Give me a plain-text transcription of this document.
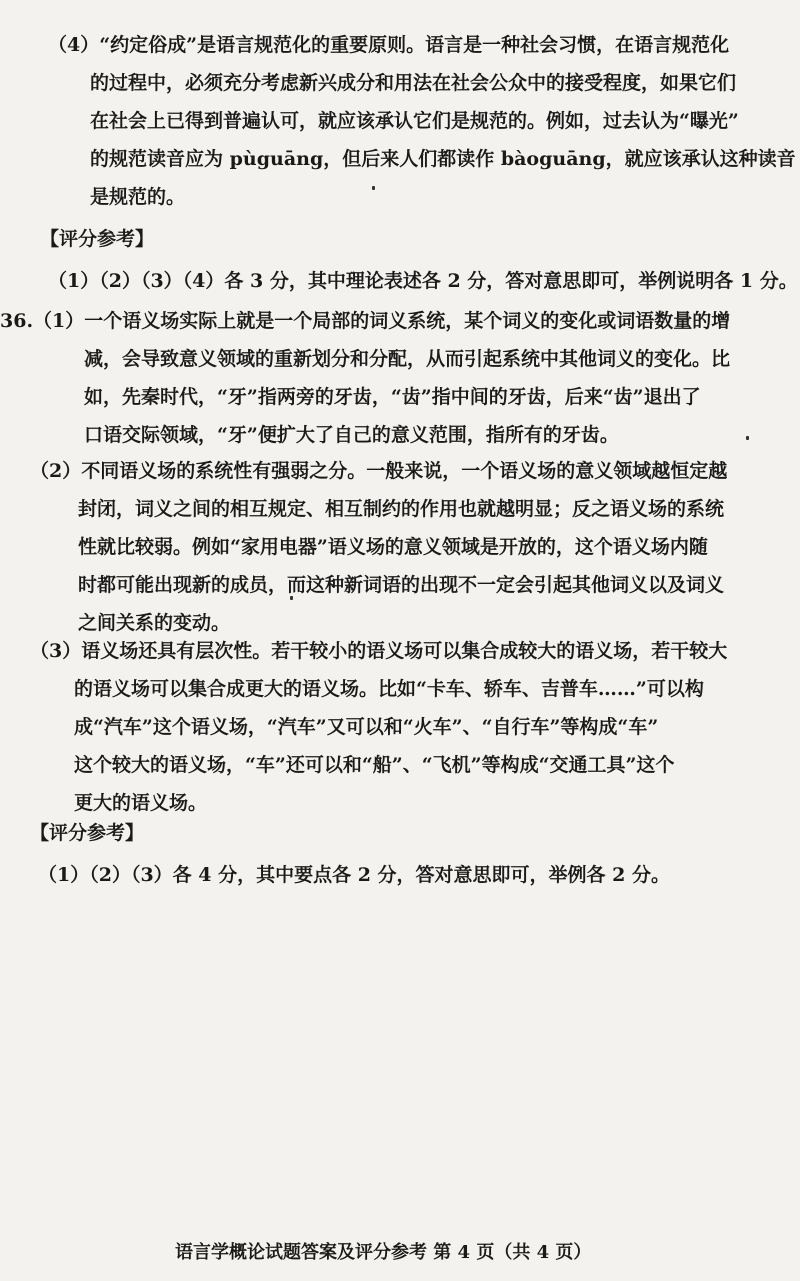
（4）“约定俗成”是语言规范化的重要原则。语言是一种社会习惯，在语言规范化
的过程中，必须充分考虑新兴成分和用法在社会公众中的接受程度，如果它们
在社会上已得到普遍认可，就应该承认它们是规范的。例如，过去认为“曝光”
的规范读音应为 pùguāng，但后来人们都读作 bàoguāng，就应该承认这种读音
是规范的。
【评分参考】
（1）（2）（3）（4）各 3 分，其中理论表述各 2 分，答对意思即可，举例说明各 1 分。
36.（1）一个语义场实际上就是一个局部的词义系统，某个词义的变化或词语数量的增
减，会导致意义领域的重新划分和分配，从而引起系统中其他词义的变化。比
如，先秦时代，“牙”指两旁的牙齿，“齿”指中间的牙齿，后来“齿”退出了
口语交际领域，“牙”便扩大了自己的意义范围，指所有的牙齿。
（2）不同语义场的系统性有强弱之分。一般来说，一个语义场的意义领域越恒定越
封闭，词义之间的相互规定、相互制约的作用也就越明显；反之语义场的系统
性就比较弱。例如“家用电器”语义场的意义领域是开放的，这个语义场内随
时都可能出现新的成员，而这种新词语的出现不一定会引起其他词义以及词义
之间关系的变动。
（3）语义场还具有层次性。若干较小的语义场可以集合成较大的语义场，若干较大
的语义场可以集合成更大的语义场。比如“卡车、轿车、吉普车……”可以构
成“汽车”这个语义场，“汽车”又可以和“火车”、“自行车”等构成“车”
这个较大的语义场，“车”还可以和“船”、“飞机”等构成“交通工具”这个
更大的语义场。
【评分参考】
（1）（2）（3）各 4 分，其中要点各 2 分，答对意思即可，举例各 2 分。
语言学概论试题答案及评分参考 第 4 页（共 4 页）
